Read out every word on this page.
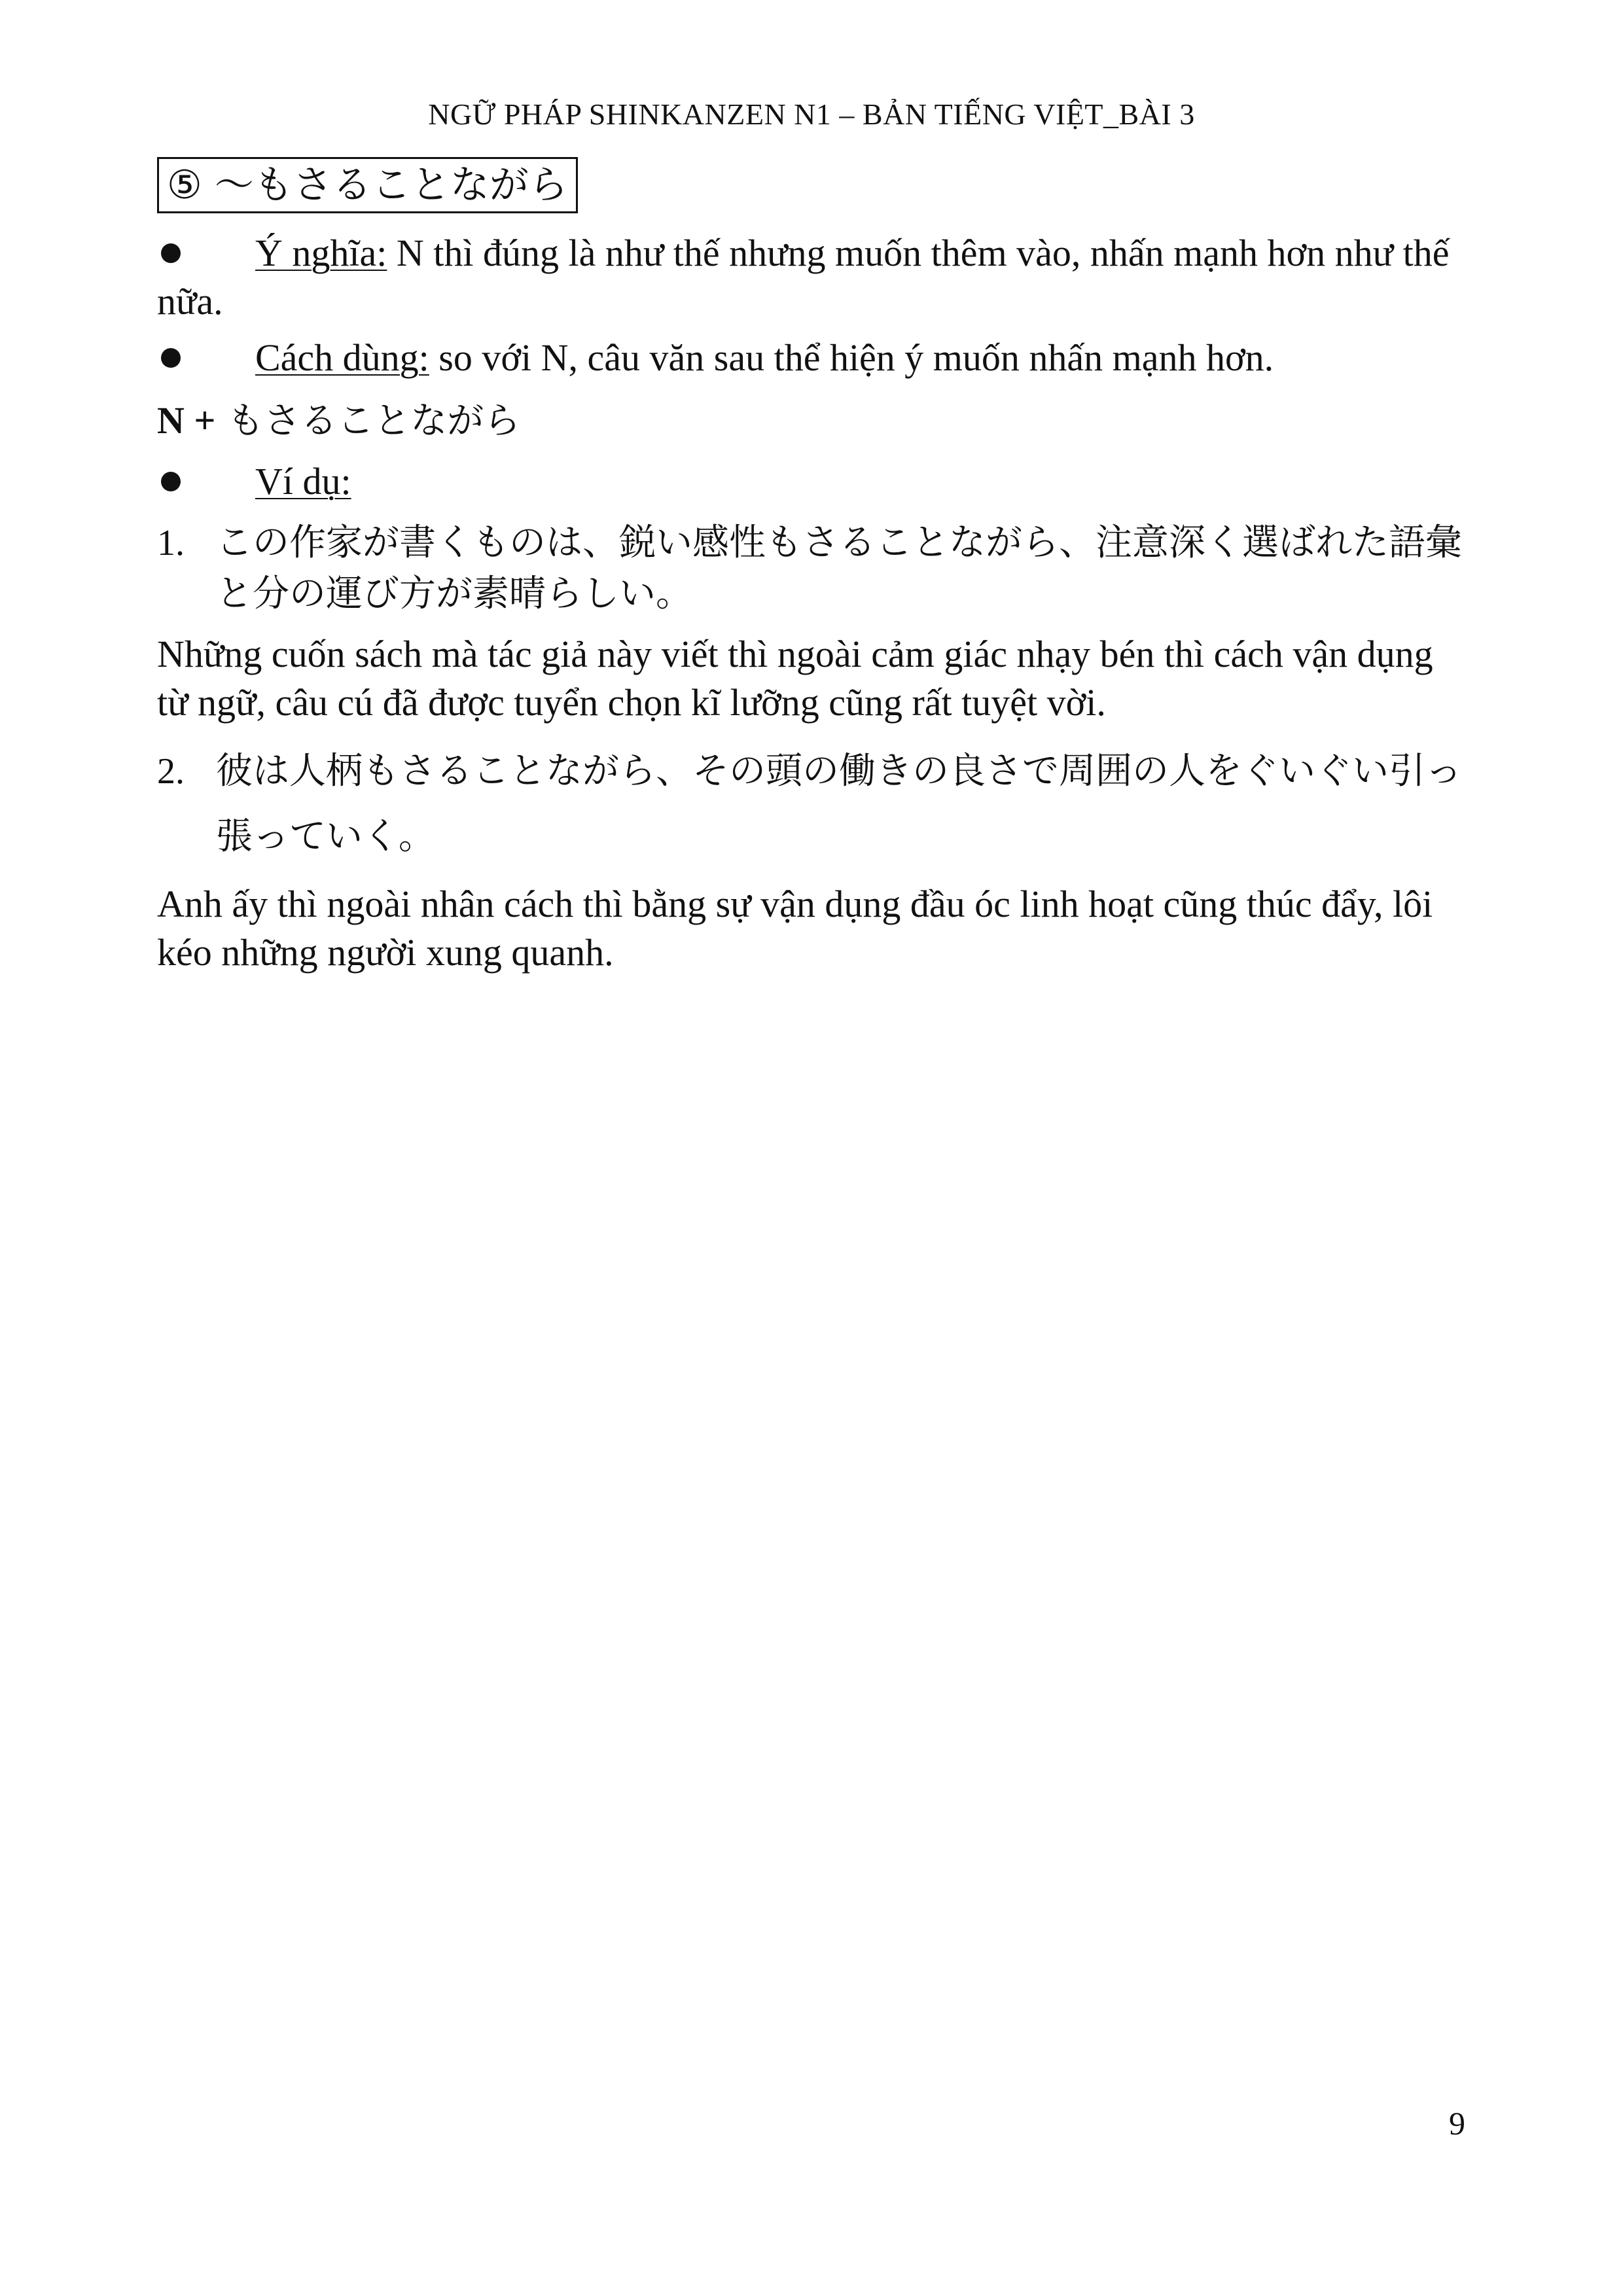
NGỮ PHÁP SHINKANZEN N1 – BẢN TIẾNG VIỆT_BÀI 3
⑤ ～もさることながら
Ý nghĩa: N thì đúng là như thế nhưng muốn thêm vào, nhấn mạnh hơn như thế nữa.
Cách dùng: so với N, câu văn sau thể hiện ý muốn nhấn mạnh hơn.
N + もさることながら
Ví dụ:
1. この作家が書くものは、鋭い感性もさることながら、注意深く選ばれた語彙と分の運び方が素晴らしい。
Những cuốn sách mà tác giả này viết thì ngoài cảm giác nhạy bén thì cách vận dụng từ ngữ, câu cú đã được tuyển chọn kĩ lưỡng cũng rất tuyệt vời.
2. 彼は人柄もさることながら、その頭の働きの良さで周囲の人をぐいぐい引っ張っていく。
Anh ấy thì ngoài nhân cách thì bằng sự vận dụng đầu óc linh hoạt cũng thúc đẩy, lôi kéo những người xung quanh.
9
